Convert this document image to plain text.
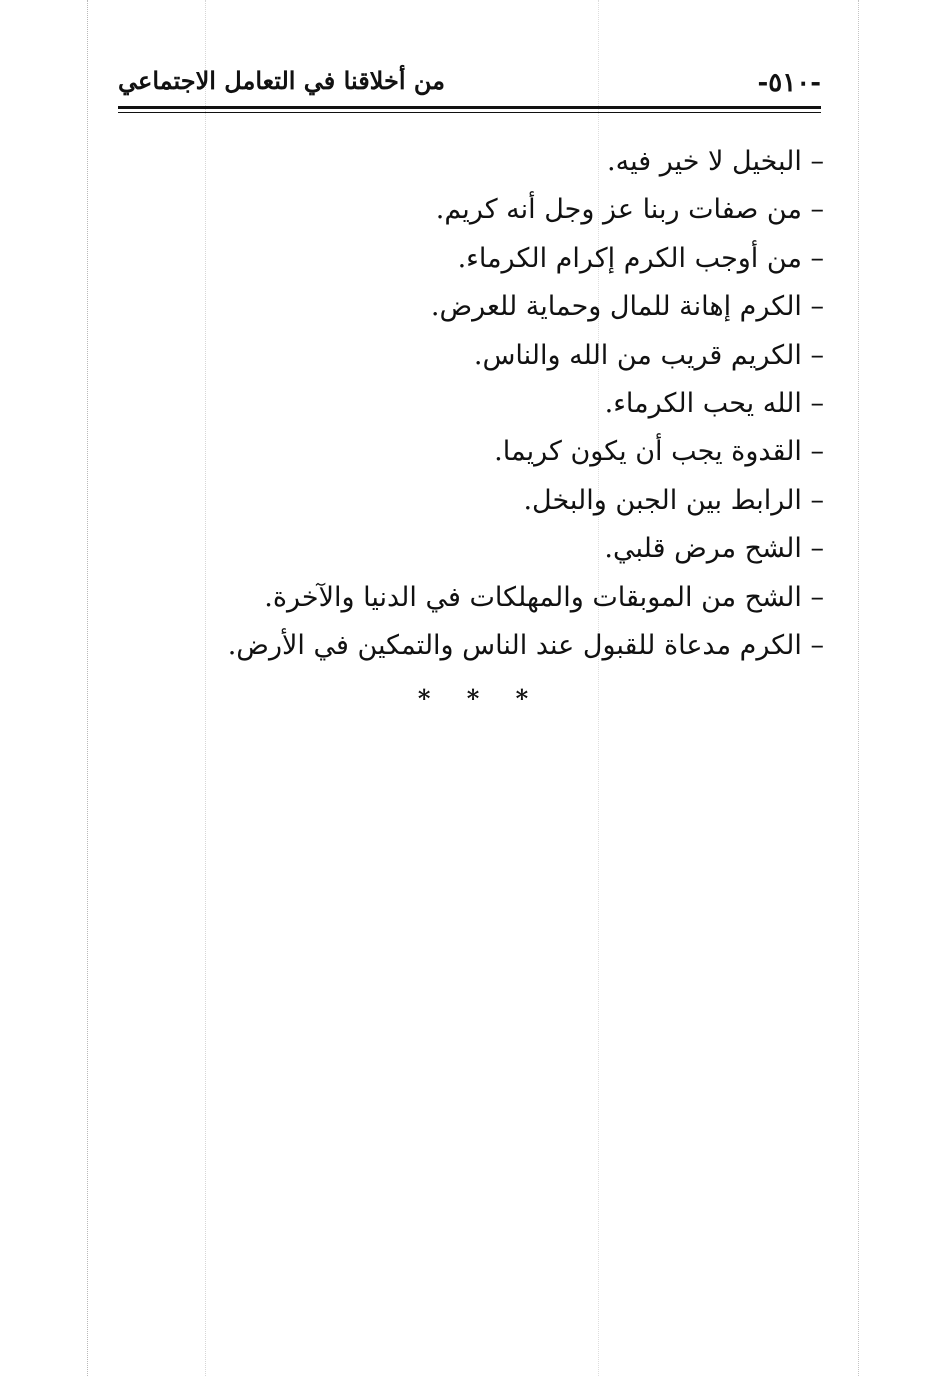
-٥١٠-
من أخلاقنا في التعامل الاجتماعي
– البخيل لا خير فيه.
– من صفات ربنا عز وجل أنه كريم.
– من أوجب الكرم إكرام الكرماء.
– الكرم إهانة للمال وحماية للعرض.
– الكريم قريب من الله والناس.
– الله يحب الكرماء.
– القدوة يجب أن يكون كريما.
– الرابط بين الجبن والبخل.
– الشح مرض قلبي.
– الشح من الموبقات والمهلكات في الدنيا والآخرة.
– الكرم مدعاة للقبول عند الناس والتمكين في الأرض.
* * *
